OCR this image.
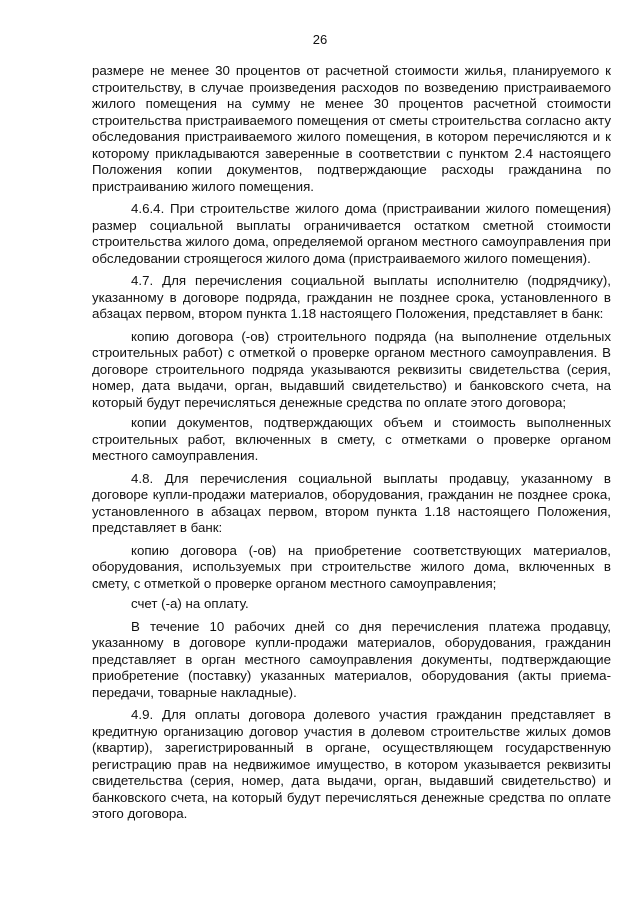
26

размере не менее 30 процентов от расчетной стоимости жилья, планируемого к строительству, в случае произведения расходов по возведению пристраиваемого жилого помещения на сумму не менее 30 процентов расчетной стоимости строительства пристраиваемого помещения от сметы строительства согласно акту обследования пристраиваемого жилого помещения, в котором перечисляются и к которому прикладываются заверенные в соответствии с пунктом 2.4 настоящего Положения копии документов, подтверждающие расходы гражданина по пристраиванию жилого помещения.

4.6.4. При строительстве жилого дома (пристраивании жилого помещения) размер социальной выплаты ограничивается остатком сметной стоимости строительства жилого дома, определяемой органом местного самоуправления при обследовании строящегося жилого дома (пристраиваемого жилого помещения).

4.7. Для перечисления социальной выплаты исполнителю (подрядчику), указанному в договоре подряда, гражданин не позднее срока, установленного в абзацах первом, втором пункта 1.18 настоящего Положения, представляет в банк:

копию договора (-ов) строительного подряда (на выполнение отдельных строительных работ) с отметкой о проверке органом местного самоуправления. В договоре строительного подряда указываются реквизиты свидетельства (серия, номер, дата выдачи, орган, выдавший свидетельство) и банковского счета, на который будут перечисляться денежные средства по оплате этого договора;

копии документов, подтверждающих объем и стоимость выполненных строительных работ, включенных в смету, с отметками о проверке органом местного самоуправления.

4.8. Для перечисления социальной выплаты продавцу, указанному в договоре купли-продажи материалов, оборудования, гражданин не позднее срока, установленного в абзацах первом, втором пункта 1.18 настоящего Положения, представляет в банк:

копию договора (-ов) на приобретение соответствующих материалов, оборудования, используемых при строительстве жилого дома, включенных в смету, с отметкой о проверке органом местного самоуправления;

счет (-а) на оплату.

В течение 10 рабочих дней со дня перечисления платежа продавцу, указанному в договоре купли-продажи материалов, оборудования, гражданин представляет в орган местного самоуправления документы, подтверждающие приобретение (поставку) указанных материалов, оборудования (акты приема-передачи, товарные накладные).

4.9. Для оплаты договора долевого участия гражданин представляет в кредитную организацию договор участия в долевом строительстве жилых домов (квартир), зарегистрированный в органе, осуществляющем государственную регистрацию прав на недвижимое имущество, в котором указывается реквизиты свидетельства (серия, номер, дата выдачи, орган, выдавший свидетельство) и банковского счета, на который будут перечисляться денежные средства по оплате этого договора.
